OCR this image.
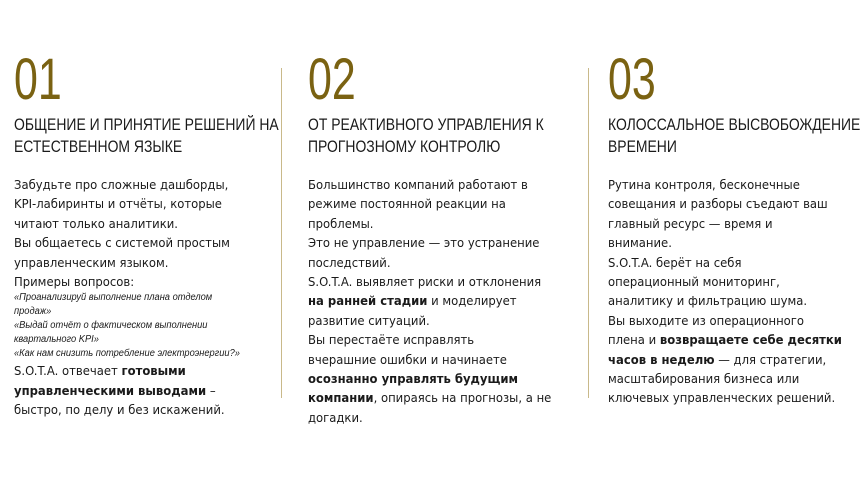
01
ОБЩЕНИЕ И ПРИНЯТИЕ РЕШЕНИЙ НА
ЕСТЕСТВЕННОМ ЯЗЫКЕ
Забудьте про сложные дашборды,
KPI-лабиринты и отчёты, которые
читают только аналитики.
Вы общаетесь с системой простым
управленческим языком.
Примеры вопросов:
«Проанализируй выполнение плана отделом
продаж»
«Выдай отчёт о фактическом выполнении
квартального KPI»
«Как нам снизить потребление электроэнергии?»
S.O.T.A. отвечает готовыми
управленческими выводами –
быстро, по делу и без искажений.
02
ОТ РЕАКТИВНОГО УПРАВЛЕНИЯ К
ПРОГНОЗНОМУ КОНТРОЛЮ
Большинство компаний работают в
режиме постоянной реакции на
проблемы.
Это не управление — это устранение
последствий.
S.O.T.A. выявляет риски и отклонения
на ранней стадии и моделирует
развитие ситуаций.
Вы перестаёте исправлять
вчерашние ошибки и начинаете
осознанно управлять будущим
компании, опираясь на прогнозы, а не
догадки.
03
КОЛОССАЛЬНОЕ ВЫСВОБОЖДЕНИЕ
ВРЕМЕНИ
Рутина контроля, бесконечные
совещания и разборы съедают ваш
главный ресурс — время и
внимание.
S.O.T.A. берёт на себя
операционный мониторинг,
аналитику и фильтрацию шума.
Вы выходите из операционного
плена и возвращаете себе десятки
часов в неделю — для стратегии,
масштабирования бизнеса или
ключевых управленческих решений.
